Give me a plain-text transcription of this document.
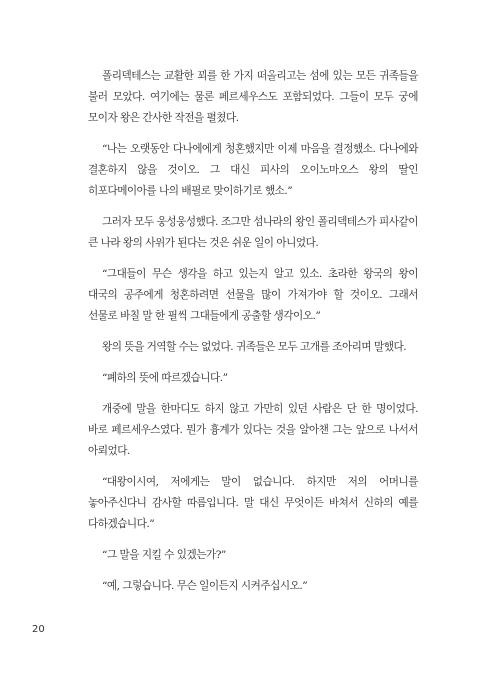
폴리덱테스는 교활한 꾀를 한 가지 떠올리고는 섬에 있는 모든 귀족들을 불러 모았다. 여기에는 물론 페르세우스도 포함되었다. 그들이 모두 궁에 모이자 왕은 간사한 작전을 펼쳤다.

“나는 오랫동안 다나에에게 청혼했지만 이제 마음을 결정했소. 다나에와 결혼하지 않을 것이오. 그 대신 피사의 오이노마오스 왕의 딸인 히포다메이아를 나의 배필로 맞이하기로 했소.”

그러자 모두 웅성웅성했다. 조그만 섬나라의 왕인 폴리덱테스가 피사같이 큰 나라 왕의 사위가 된다는 것은 쉬운 일이 아니었다.

“그대들이 무슨 생각을 하고 있는지 알고 있소. 초라한 왕국의 왕이 대국의 공주에게 청혼하려면 선물을 많이 가져가야 할 것이오. 그래서 선물로 바칠 말 한 필씩 그대들에게 공출할 생각이오.”

왕의 뜻을 거역할 수는 없었다. 귀족들은 모두 고개를 조아리며 말했다.

“폐하의 뜻에 따르겠습니다.”

개중에 말을 한마디도 하지 않고 가만히 있던 사람은 단 한 명이었다. 바로 페르세우스였다. 뭔가 흉계가 있다는 것을 알아챈 그는 앞으로 나서서 아뢰었다.

“대왕이시여, 저에게는 말이 없습니다. 하지만 저의 어머니를 놓아주신다니 감사할 따름입니다. 말 대신 무엇이든 바쳐서 신하의 예를 다하겠습니다.”

“그 말을 지킬 수 있겠는가?”

“예, 그렇습니다. 무슨 일이든지 시켜주십시오.”

20
